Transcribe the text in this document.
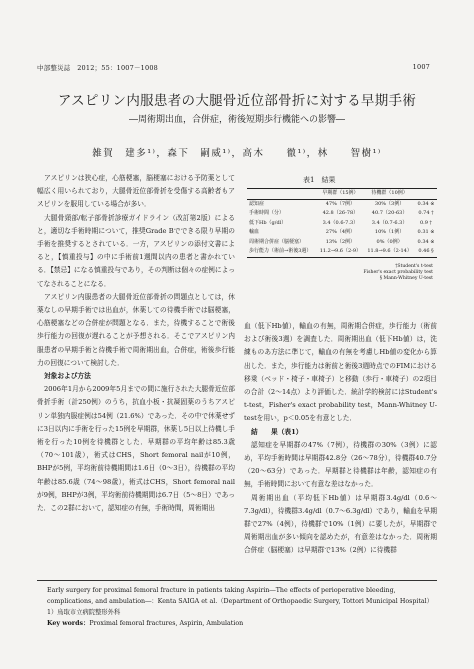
中部整災誌　2012；55：1007－1008	1007
アスピリン内服患者の大腿骨近位部骨折に対する早期手術
―周術期出血，合併症，術後短期歩行機能への影響―
雑賀　建多¹⁾，森下　嗣威¹⁾，高木　　徹¹⁾，林　　智樹¹⁾

アスピリンは狭心症，心筋梗塞，脳梗塞における予防薬として幅広く用いられており，大腿骨近位部骨折を受傷する高齢者もアスピリンを服用している場合が多い．

大腿骨頸部/転子部骨折診療ガイドライン（改訂第2版）によると，適切な手術時期について，推奨Grade Bでできる限り早期の手術を推奨するとされている．一方，アスピリンの添付文書によると，【慎重投与】の中に手術前1週間以内の患者と書かれている．【禁忌】になる慎重投与であり，その判断は個々の症例によってなされることになる．

アスピリン内服患者の大腿骨近位部骨折の問題点としては，休薬なしの早期手術では出血が，休薬しての待機手術では脳梗塞，心筋梗塞などの合併症が問題となる．また，待機することで術後歩行能力の回復が遅れることが予想される．そこでアスピリン内服患者の早期手術と待機手術で周術期出血，合併症，術後歩行能力の回復について検討した．

対象および方法

2006年1月から2009年5月までの間に施行された大腿骨近位部骨折手術（計250例）のうち，抗血小板・抗凝固薬のうちアスピリン単独内服症例は54例（21.6%）であった．その中で休薬せずに3日以内に手術を行った15例を早期群，休薬し5日以上待機し手術を行った10例を待機群とした．早期群の平均年齢は85.3歳（70～101歳），術式はCHS，Short femoral nailが10例，BHPが5例，平均術前待機期間は1.6日（0～3日），待機群の平均年齢は85.6歳（74～98歳），術式はCHS，Short femoral nailが9例，BHPが3例，平均術前待機期間は6.7日（5～8日）であった．この2群において，認知症の有無，手術時間，周術期出

表1　結果
	早期群（15例）	待機群（10例）	
認知症	47%（7例）	30%（3例）	0.34 ※
手術時間（分）	42.8（26-78）	40.7（20-63）	0.74 †
低下Hb（g/dl）	3.4（0.6-7.3）	3.4（0.7-6.3）	0.9 †
輸血	27%（4例）	10%（1例）	0.31 ※
周術期合併症（脳梗塞）	13%（2例）	0%（0例）	0.34 ※
歩行能力（術前→術後3週）	11.2→9.6（2-9）	11.8→9.6（2-14）	0.46 §
†Student's t-test
Fisher's exact probability test
§ Mann-Whitney U-test

血（低下Hb値），輸血の有無，周術期合併症，歩行能力（術前および術後3週）を調査した．周術期出血（低下Hb値）は，洗練ものあ方法に準じて，輸血の有無を考慮しHb値の変化から算出した．また，歩行能力は術前と術後3週時点でのFIMにおける移乗（ベッド・椅子・車椅子）と移動（歩行・車椅子）の2項目の合計（2～14点）より評価した．統計学的検討にはStudent's t-test，Fisher's exact probability test，Mann-Whitney U-testを用い，p＜0.05を有意とした．

結　　果（表1）

認知症を早期群の47%（7例），待機群の30%（3例）に認め，平均手術時間は早期群42.8分（26～78分），待機群40.7分（20～63分）であった．早期群と待機群は年齢，認知症の有無，手術時間において有意な差はなかった．

周術期出血（平均低下Hb値）は早期群3.4g/dl（0.6～7.3g/dl），待機群3.4g/dl（0.7～6.3g/dl）であり，輸血を早期群で27%（4例），待機群で10%（1例）に要したが，早期群で周術期出血が多い傾向を認めたが，有意差はなかった．周術期合併症（脳梗塞）は早期群で13%（2例）に待機群

Early surgery for proximal femoral fracture in patients taking Aspirin―The effects of perioperative bleeding, complications, and ambulation―：Kenta SAIGA et al.（Department of Orthopaedic Surgery, Tottori Municipal Hospital）
1）鳥取市立病院整形外科
Key words：Proximal femoral fractures, Aspirin, Ambulation
